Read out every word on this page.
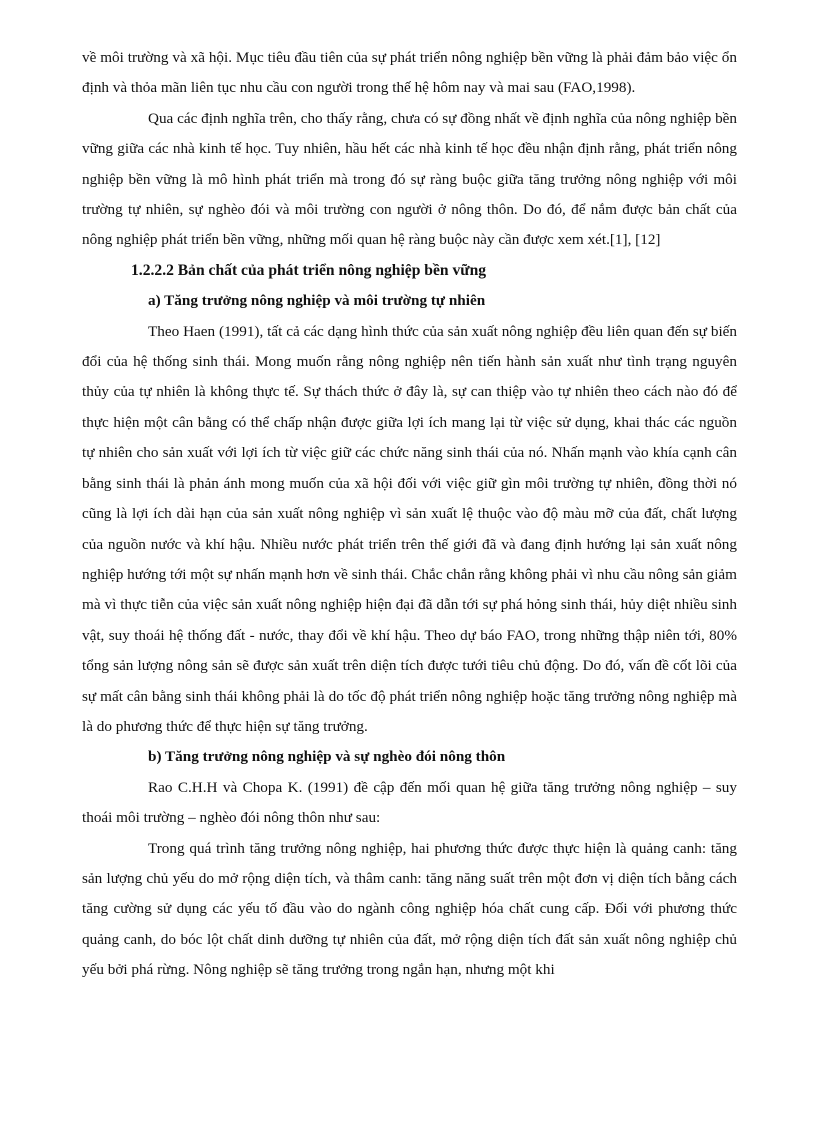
về môi trường và xã hội. Mục tiêu đầu tiên của sự phát triển nông nghiệp bền vững là phải đảm bảo việc ổn định và thỏa mãn liên tục nhu cầu con người trong thế hệ hôm nay và mai sau (FAO,1998).

Qua các định nghĩa trên, cho thấy rằng, chưa có sự đồng nhất về định nghĩa của nông nghiệp bền vững giữa các nhà kinh tế học. Tuy nhiên, hầu hết các nhà kinh tế học đều nhận định rằng, phát triển nông nghiệp bền vững là mô hình phát triển mà trong đó sự ràng buộc giữa tăng trưởng nông nghiệp với môi trường tự nhiên, sự nghèo đói và môi trường con người ở nông thôn. Do đó, để nắm được bản chất của nông nghiệp phát triển bền vững, những mối quan hệ ràng buộc này cần được xem xét.[1], [12]

1.2.2.2 Bản chất của phát triển nông nghiệp bền vững

a) Tăng trưởng nông nghiệp và môi trường tự nhiên

Theo Haen (1991), tất cả các dạng hình thức của sản xuất nông nghiệp đều liên quan đến sự biến đổi của hệ thống sinh thái. Mong muốn rằng nông nghiệp nên tiến hành sản xuất như tình trạng nguyên thủy của tự nhiên là không thực tế. Sự thách thức ở đây là, sự can thiệp vào tự nhiên theo cách nào đó để thực hiện một cân bằng có thể chấp nhận được giữa lợi ích mang lại từ việc sử dụng, khai thác các nguồn tự nhiên cho sản xuất với lợi ích từ việc giữ các chức năng sinh thái của nó. Nhấn mạnh vào khía cạnh cân bằng sinh thái là phản ánh mong muốn của xã hội đối với việc giữ gìn môi trường tự nhiên, đồng thời nó cũng là lợi ích dài hạn của sản xuất nông nghiệp vì sản xuất lệ thuộc vào độ màu mỡ của đất, chất lượng của nguồn nước và khí hậu. Nhiều nước phát triển trên thế giới đã và đang định hướng lại sản xuất nông nghiệp hướng tới một sự nhấn mạnh hơn về sinh thái. Chắc chắn rằng không phải vì nhu cầu nông sản giảm mà vì thực tiễn của việc sản xuất nông nghiệp hiện đại đã dẫn tới sự phá hỏng sinh thái, hủy diệt nhiều sinh vật, suy thoái hệ thống đất - nước, thay đổi về khí hậu. Theo dự báo FAO, trong những thập niên tới, 80% tổng sản lượng nông sản sẽ được sản xuất trên diện tích được tưới tiêu chủ động. Do đó, vấn đề cốt lõi của sự mất cân bằng sinh thái không phải là do tốc độ phát triển nông nghiệp hoặc tăng trưởng nông nghiệp mà là do phương thức để thực hiện sự tăng trưởng.

b) Tăng trưởng nông nghiệp và sự nghèo đói nông thôn

Rao C.H.H và Chopa K. (1991) đề cập đến mối quan hệ giữa tăng trưởng nông nghiệp – suy thoái môi trường – nghèo đói nông thôn như sau:

Trong quá trình tăng trưởng nông nghiệp, hai phương thức được thực hiện là quảng canh: tăng sản lượng chủ yếu do mở rộng diện tích, và thâm canh: tăng năng suất trên một đơn vị diện tích bằng cách tăng cường sử dụng các yếu tố đầu vào do ngành công nghiệp hóa chất cung cấp. Đối với phương thức quảng canh, do bóc lột chất dinh dưỡng tự nhiên của đất, mở rộng diện tích đất sản xuất nông nghiệp chủ yếu bởi phá rừng. Nông nghiệp sẽ tăng trưởng trong ngắn hạn, nhưng một khi
